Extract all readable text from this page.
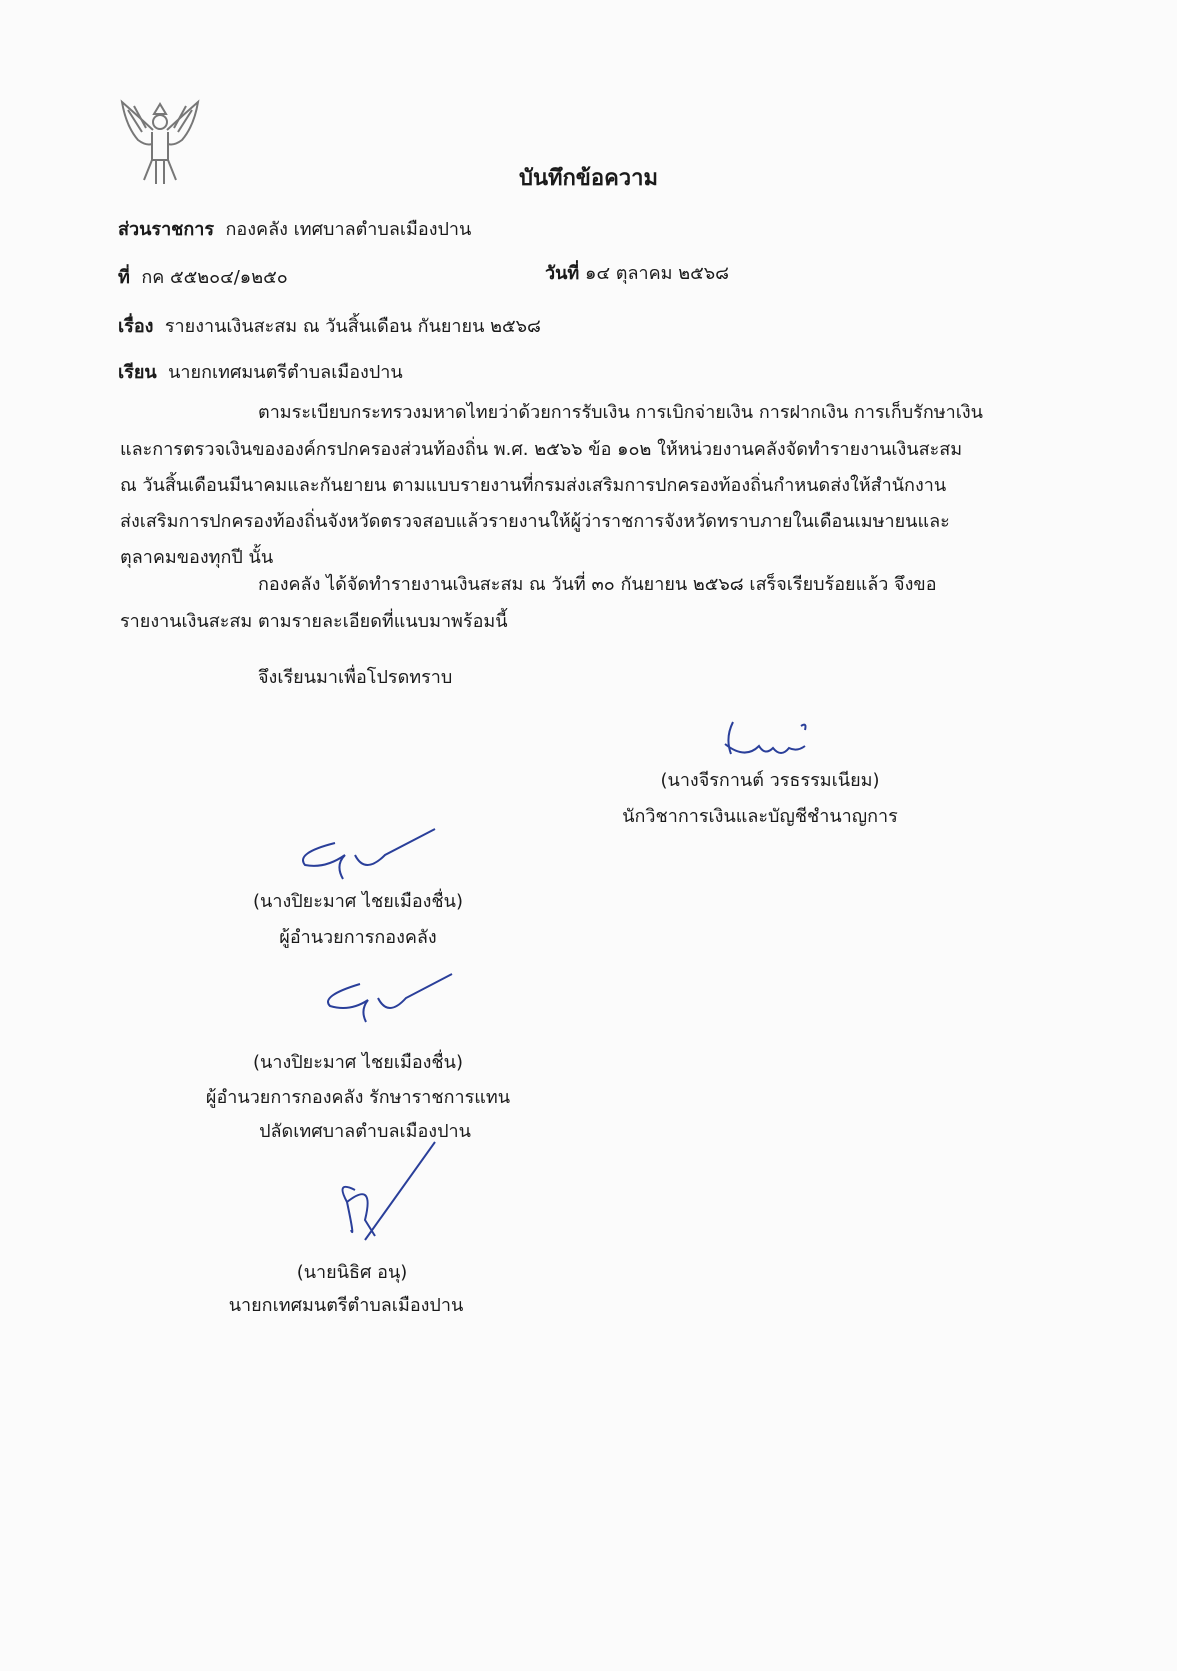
บันทึกข้อความ
ส่วนราชการ กองคลัง เทศบาลตำบลเมืองปาน
ที่ กค ๕๕๒๐๔/๑๒๕๐	วันที่ ๑๔ ตุลาคม ๒๕๖๘
เรื่อง รายงานเงินสะสม ณ วันสิ้นเดือน กันยายน ๒๕๖๘
เรียน นายกเทศมนตรีตำบลเมืองปาน
ตามระเบียบกระทรวงมหาดไทยว่าด้วยการรับเงิน การเบิกจ่ายเงิน การฝากเงิน การเก็บรักษาเงิน
และการตรวจเงินขององค์กรปกครองส่วนท้องถิ่น พ.ศ. ๒๕๖๖ ข้อ ๑๐๒ ให้หน่วยงานคลังจัดทำรายงานเงินสะสม
ณ วันสิ้นเดือนมีนาคมและกันยายน ตามแบบรายงานที่กรมส่งเสริมการปกครองท้องถิ่นกำหนดส่งให้สำนักงาน
ส่งเสริมการปกครองท้องถิ่นจังหวัดตรวจสอบแล้วรายงานให้ผู้ว่าราชการจังหวัดทราบภายในเดือนเมษายนและ
ตุลาคมของทุกปี นั้น
กองคลัง ได้จัดทำรายงานเงินสะสม ณ วันที่ ๓๐ กันยายน ๒๕๖๘ เสร็จเรียบร้อยแล้ว จึงขอ
รายงานเงินสะสม ตามรายละเอียดที่แนบมาพร้อมนี้
จึงเรียนมาเพื่อโปรดทราบ
(นางจีรกานต์ วรธรรมเนียม)
นักวิชาการเงินและบัญชีชำนาญการ
(นางปิยะมาศ ไชยเมืองชื่น)
ผู้อำนวยการกองคลัง
(นางปิยะมาศ ไชยเมืองชื่น)
ผู้อำนวยการกองคลัง รักษาราชการแทน
ปลัดเทศบาลตำบลเมืองปาน
(นายนิธิศ อนุ)
นายกเทศมนตรีตำบลเมืองปาน
